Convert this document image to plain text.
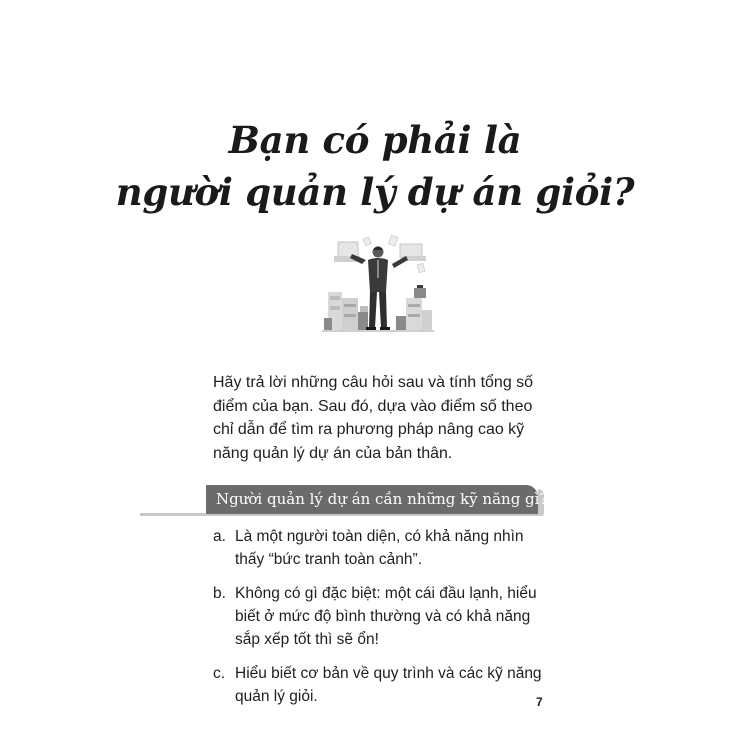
Bạn có phải là
người quản lý dự án giỏi?

Hãy trả lời những câu hỏi sau và tính tổng số điểm của bạn. Sau đó, dựa vào điểm số theo chỉ dẫn để tìm ra phương pháp nâng cao kỹ năng quản lý dự án của bản thân.

Người quản lý dự án cần những kỹ năng gì?
a. Là một người toàn diện, có khả năng nhìn thấy “bức tranh toàn cảnh”.
b. Không có gì đặc biệt: một cái đầu lạnh, hiểu biết ở mức độ bình thường và có khả năng sắp xếp tốt thì sẽ ổn!
c. Hiểu biết cơ bản về quy trình và các kỹ năng quản lý giỏi.	7
